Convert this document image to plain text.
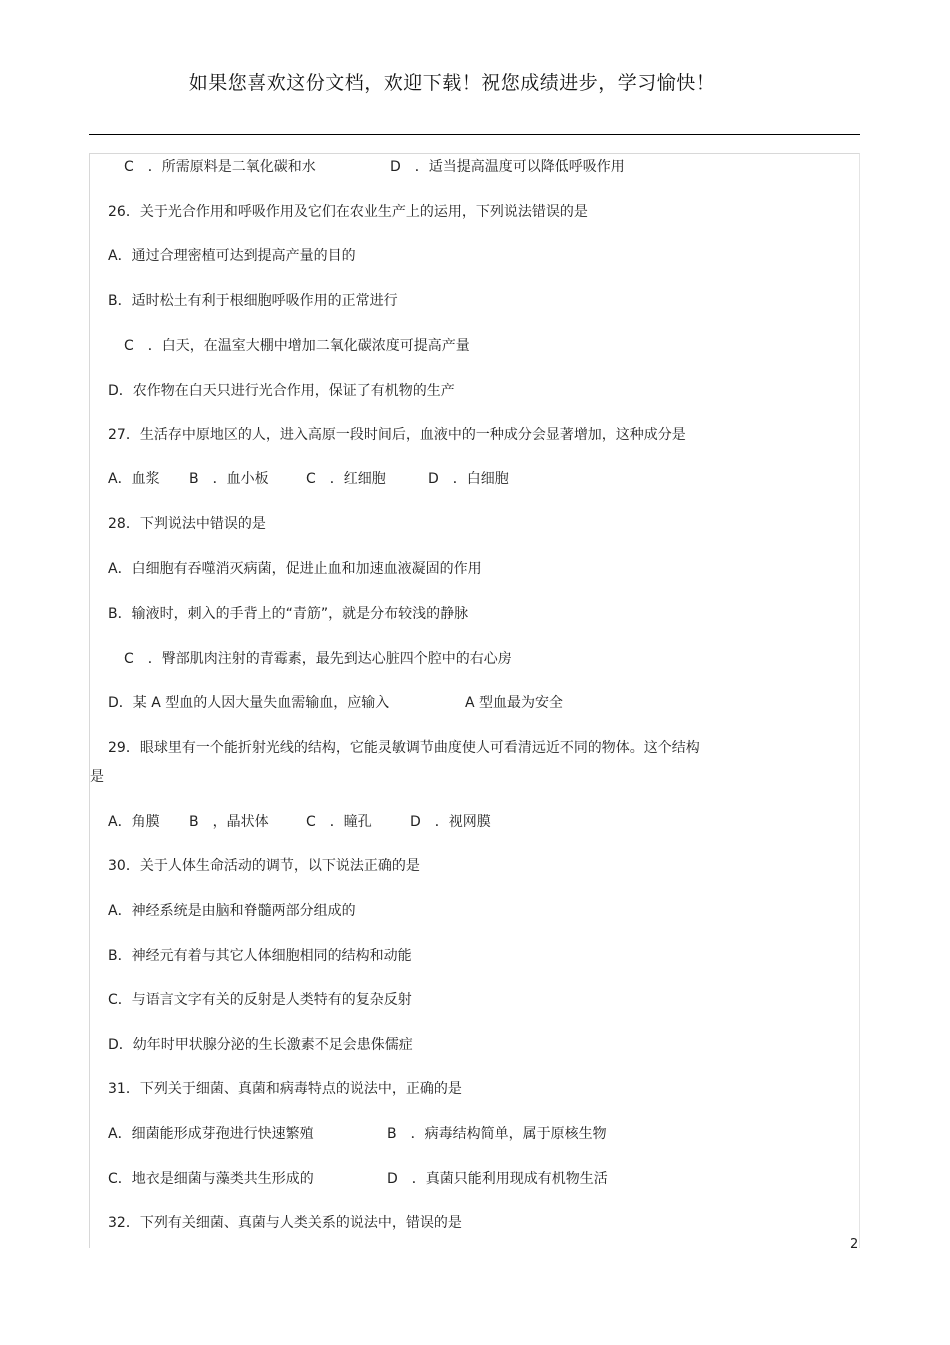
如果您喜欢这份文档，欢迎下载！祝您成绩进步，学习愉快！
C　．所需原料是二氧化碳和水	D　．适当提高温度可以降低呼吸作用
26．关于光合作用和呼吸作用及它们在农业生产上的运用，下列说法错误的是
A．通过合理密植可达到提高产量的目的
B．适时松土有利于根细胞呼吸作用的正常进行
C　．白天，在温室大棚中增加二氧化碳浓度可提高产量
D．农作物在白天只进行光合作用，保证了有机物的生产
27．生活存中原地区的人，进入高原一段时间后，血液中的一种成分会显著增加，这种成分是
A．血浆 B　．血小板	C　．红细胞	D　．白细胞
28．下判说法中错误的是
A．白细胞有吞噬消灭病菌，促进止血和加速血液凝固的作用
B．输液时，刺入的手背上的“青筋”，就是分布较浅的静脉
C　．臀部肌肉注射的青霉素，最先到达心脏四个腔中的右心房
D．某 A 型血的人因大量失血需输血，应输入	A 型血最为安全
29．眼球里有一个能折射光线的结构，它能灵敏调节曲度使人可看清远近不同的物体。这个结构
是
A．角膜 B　，晶状体	C　．瞳孔	D　．视网膜
30．关于人体生命活动的调节，以下说法正确的是
A．神经系统是由脑和脊髓两部分组成的
B．神经元有着与其它人体细胞相同的结构和动能
C．与语言文字有关的反射是人类特有的复杂反射
D．幼年时甲状腺分泌的生长激素不足会患侏儒症
31．下列关于细菌、真菌和病毒特点的说法中，正确的是
A．细菌能形成芽孢进行快速繁殖	B　．病毒结构简单，属于原核生物
C．地衣是细菌与藻类共生形成的	D　．真菌只能利用现成有机物生活
32．下列有关细菌、真菌与人类关系的说法中，错误的是
2
